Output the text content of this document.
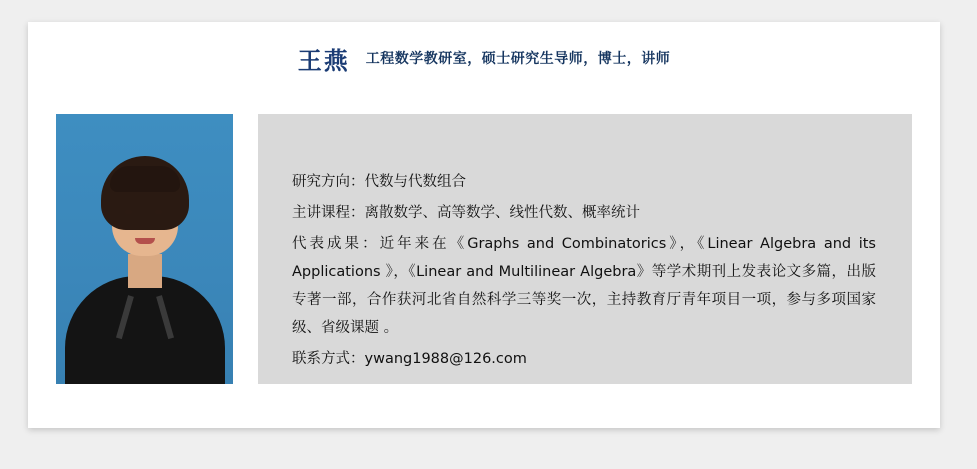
王燕 工程数学教研室，硕士研究生导师，博士，讲师
研究方向：代数与代数组合
主讲课程：离散数学、高等数学、线性代数、概率统计
代表成果：近年来在《Graphs and Combinatorics》，《Linear Algebra and its Applications 》，《Linear and Multilinear Algebra》等学术期刊上发表论文多篇，出版专著一部，合作获河北省自然科学三等奖一次，主持教育厅青年项目一项，参与多项国家级、省级课题 。
联系方式：ywang1988@126.com
